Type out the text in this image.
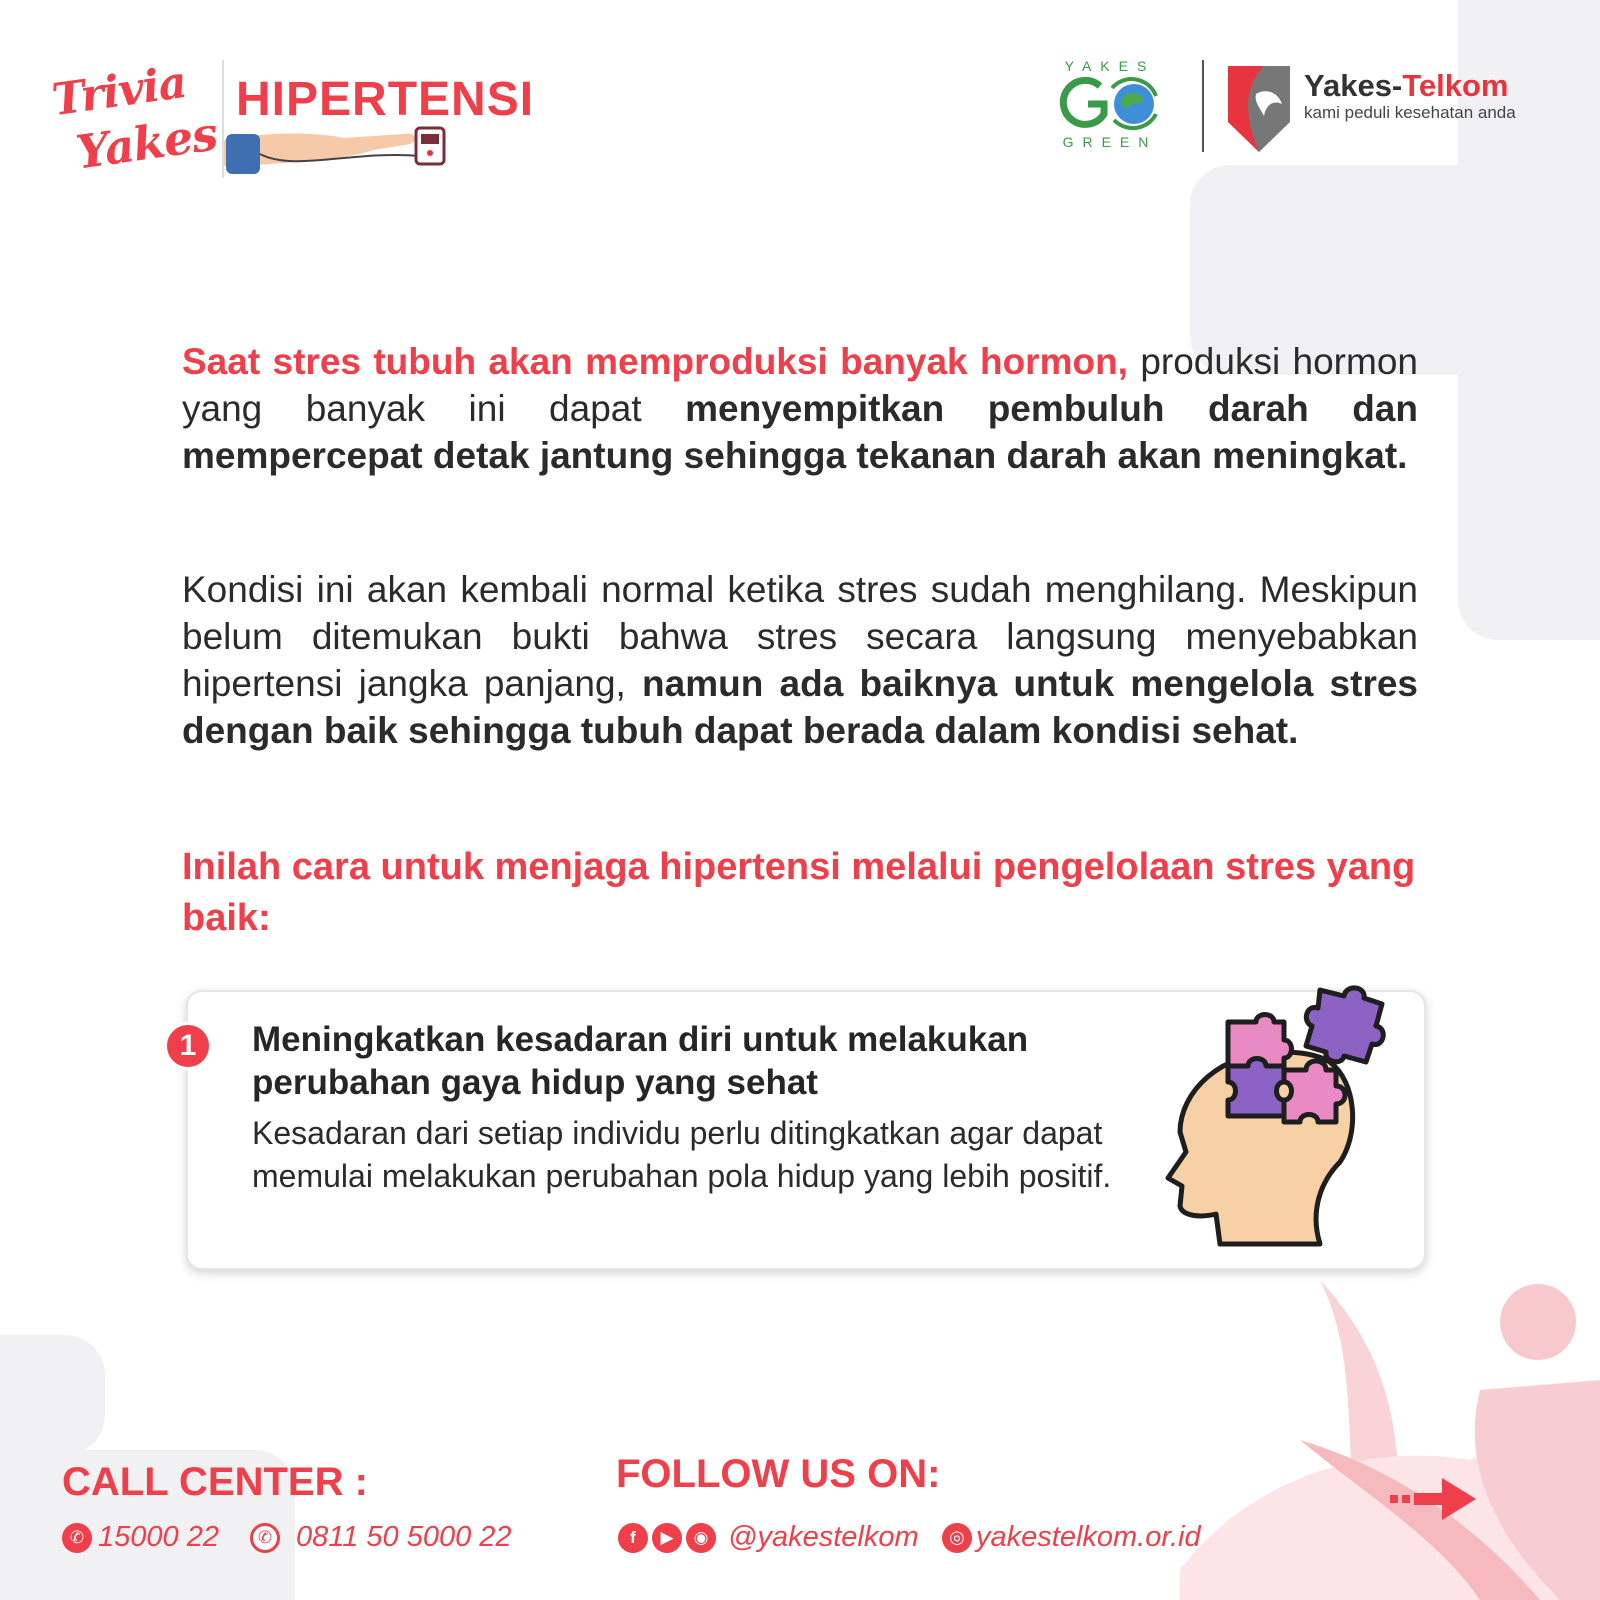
Trivia
Yakes
HIPERTENSI
YAKES
GREEN
Yakes-Telkom
kami peduli kesehatan anda

Saat stres tubuh akan memproduksi banyak hormon, produksi hormon yang banyak ini dapat menyempitkan pembuluh darah dan mempercepat detak jantung sehingga tekanan darah akan meningkat.

Kondisi ini akan kembali normal ketika stres sudah menghilang. Meskipun belum ditemukan bukti bahwa stres secara langsung menyebabkan hipertensi jangka panjang, namun ada baiknya untuk mengelola stres dengan baik sehingga tubuh dapat berada dalam kondisi sehat.

Inilah cara untuk menjaga hipertensi melalui pengelolaan stres yang baik:
1	Meningkatkan kesadaran diri untuk melakukan perubahan gaya hidup yang sehat
Kesadaran dari setiap individu perlu ditingkatkan agar dapat memulai melakukan perubahan pola hidup yang lebih positif.
CALL CENTER :
✆ 15000 22	✆ 0811 50 5000 22
FOLLOW US ON:
f	▶	◉ @yakestelkom	◎ yakestelkom.or.id
